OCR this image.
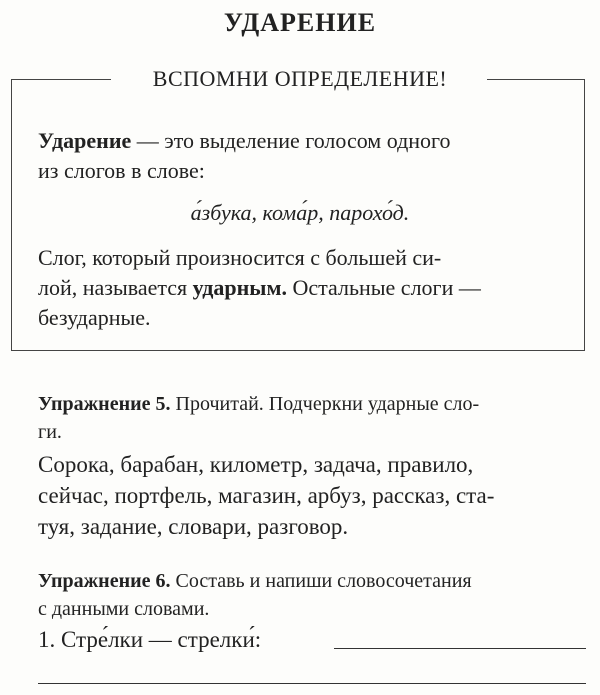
УДАРЕНИЕ
ВСПОМНИ ОПРЕДЕЛЕНИЕ!
Ударение — это выделение голосом одного
из слогов в слове:
а́збука, кома́р, парохо́д.
Слог, который произносится с большей си-
лой, называется ударным. Остальные слоги —
безударные.
Упражнение 5. Прочитай. Подчеркни ударные сло-
ги.
Сорока, барабан, километр, задача, правило,
сейчас, портфель, магазин, арбуз, рассказ, ста-
туя, задание, словари, разговор.
Упражнение 6. Составь и напиши словосочетания
с данными словами.
1. Стре́лки — стрелки́:
